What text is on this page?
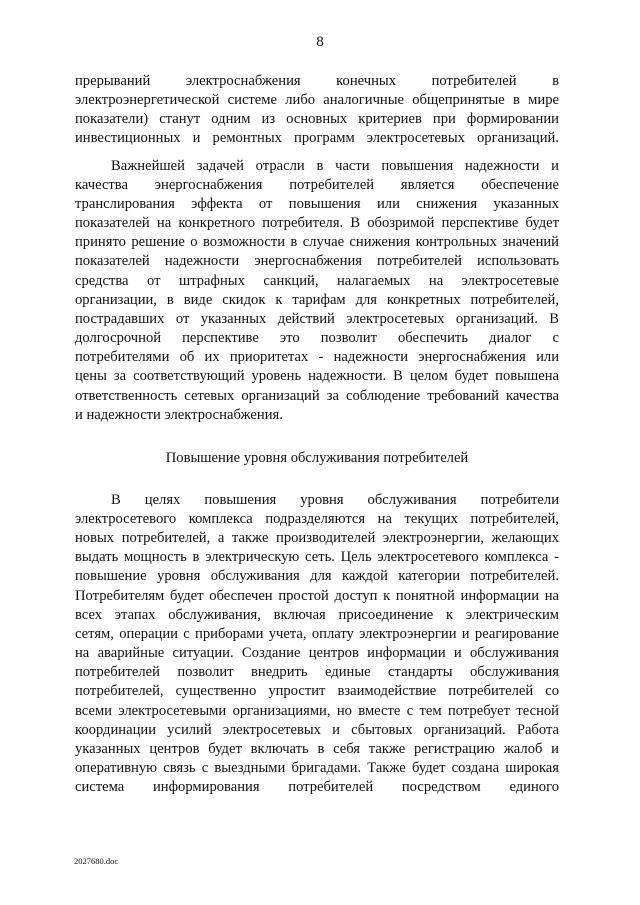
8

прерываний электроснабжения конечных потребителей в
электроэнергетической системе либо аналогичные общепринятые в мире
показатели) станут одним из основных критериев при формировании
инвестиционных и ремонтных программ электросетевых организаций.

Важнейшей задачей отрасли в части повышения надежности и
качества энергоснабжения потребителей является обеспечение
транслирования эффекта от повышения или снижения указанных
показателей на конкретного потребителя. В обозримой перспективе будет
принято решение о возможности в случае снижения контрольных значений
показателей надежности энергоснабжения потребителей использовать
средства от штрафных санкций, налагаемых на электросетевые
организации, в виде скидок к тарифам для конкретных потребителей,
пострадавших от указанных действий электросетевых организаций. В
долгосрочной перспективе это позволит обеспечить диалог с
потребителями об их приоритетах - надежности энергоснабжения или
цены за соответствующий уровень надежности. В целом будет повышена
ответственность сетевых организаций за соблюдение требований качества
и надежности электроснабжения.

Повышение уровня обслуживания потребителей

В целях повышения уровня обслуживания потребители
электросетевого комплекса подразделяются на текущих потребителей,
новых потребителей, а также производителей электроэнергии, желающих
выдать мощность в электрическую сеть. Цель электросетевого комплекса -
повышение уровня обслуживания для каждой категории потребителей.
Потребителям будет обеспечен простой доступ к понятной информации на
всех этапах обслуживания, включая присоединение к электрическим
сетям, операции с приборами учета, оплату электроэнергии и реагирование
на аварийные ситуации. Создание центров информации и обслуживания
потребителей позволит внедрить единые стандарты обслуживания
потребителей, существенно упростит взаимодействие потребителей со
всеми электросетевыми организациями, но вместе с тем потребует тесной
координации усилий электросетевых и сбытовых организаций. Работа
указанных центров будет включать в себя также регистрацию жалоб и
оперативную связь с выездными бригадами. Также будет создана широкая
система информирования потребителей посредством единого

2027680.doc
